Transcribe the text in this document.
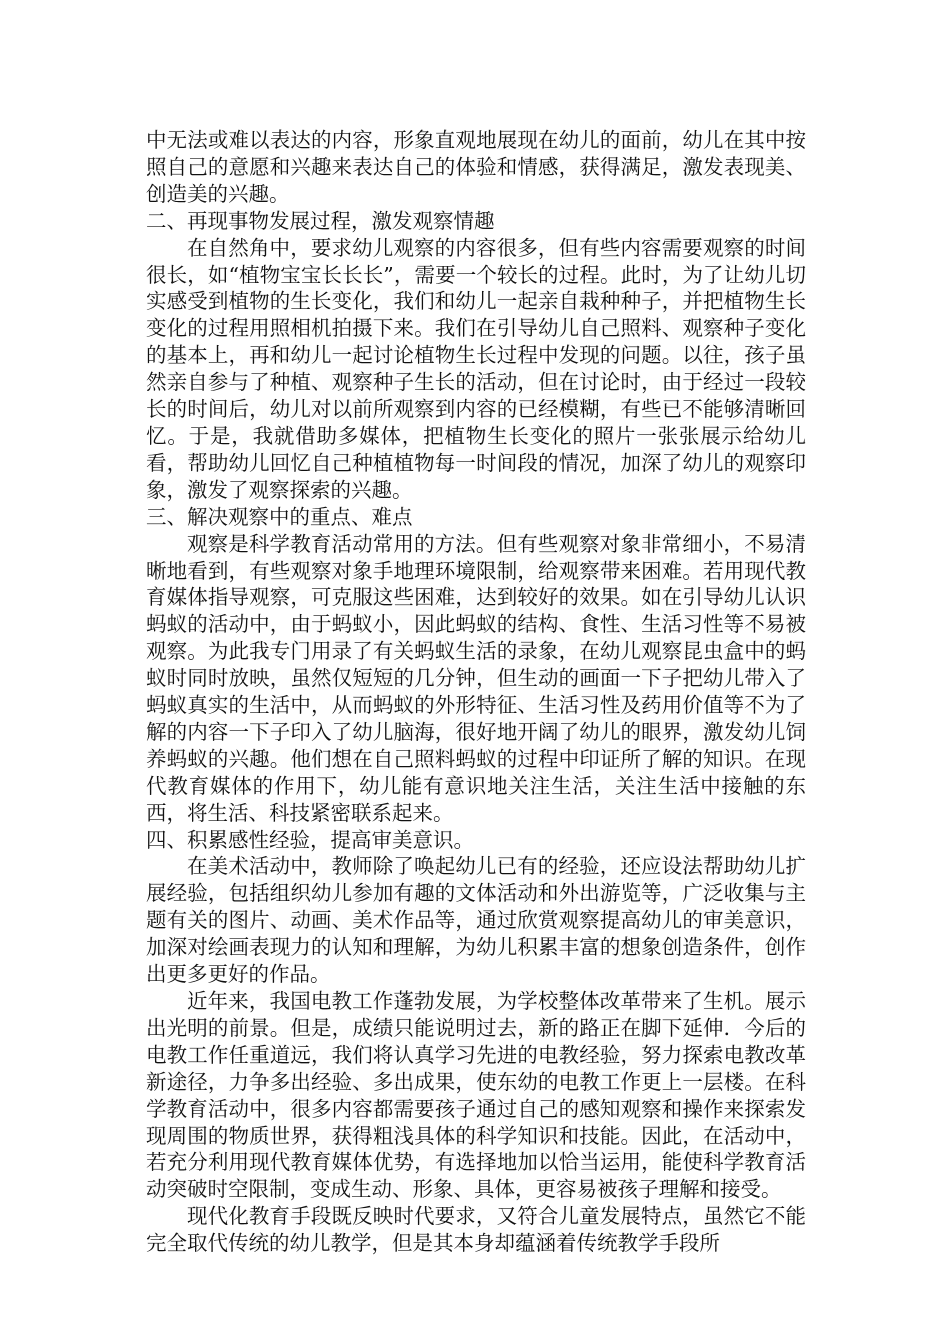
中无法或难以表达的内容，形象直观地展现在幼儿的面前，幼儿在其中按照自己的意愿和兴趣来表达自己的体验和情感，获得满足，激发表现美、创造美的兴趣。

二、再现事物发展过程，激发观察情趣

在自然角中，要求幼儿观察的内容很多，但有些内容需要观察的时间很长，如“植物宝宝长长长”，需要一个较长的过程。此时，为了让幼儿切实感受到植物的生长变化，我们和幼儿一起亲自栽种种子，并把植物生长变化的过程用照相机拍摄下来。我们在引导幼儿自己照料、观察种子变化的基本上，再和幼儿一起讨论植物生长过程中发现的问题。以往，孩子虽然亲自参与了种植、观察种子生长的活动，但在讨论时，由于经过一段较长的时间后，幼儿对以前所观察到内容的已经模糊，有些已不能够清晰回忆。于是，我就借助多媒体，把植物生长变化的照片一张张展示给幼儿看，帮助幼儿回忆自己种植植物每一时间段的情况，加深了幼儿的观察印象，激发了观察探索的兴趣。

三、解决观察中的重点、难点

观察是科学教育活动常用的方法。但有些观察对象非常细小，不易清晰地看到，有些观察对象手地理环境限制，给观察带来困难。若用现代教育媒体指导观察，可克服这些困难，达到较好的效果。如在引导幼儿认识蚂蚁的活动中，由于蚂蚁小，因此蚂蚁的结构、食性、生活习性等不易被观察。为此我专门用录了有关蚂蚁生活的录象，在幼儿观察昆虫盒中的蚂蚁时同时放映，虽然仅短短的几分钟，但生动的画面一下子把幼儿带入了蚂蚁真实的生活中，从而蚂蚁的外形特征、生活习性及药用价值等不为了解的内容一下子印入了幼儿脑海，很好地开阔了幼儿的眼界，激发幼儿饲养蚂蚁的兴趣。他们想在自己照料蚂蚁的过程中印证所了解的知识。在现代教育媒体的作用下，幼儿能有意识地关注生活，关注生活中接触的东西，将生活、科技紧密联系起来。

四、积累感性经验，提高审美意识。

在美术活动中，教师除了唤起幼儿已有的经验，还应设法帮助幼儿扩展经验，包括组织幼儿参加有趣的文体活动和外出游览等，广泛收集与主题有关的图片、动画、美术作品等，通过欣赏观察提高幼儿的审美意识，加深对绘画表现力的认知和理解，为幼儿积累丰富的想象创造条件，创作出更多更好的作品。

近年来，我国电教工作蓬勃发展，为学校整体改革带来了生机。展示出光明的前景。但是，成绩只能说明过去，新的路正在脚下延伸．今后的电教工作任重道远，我们将认真学习先进的电教经验，努力探索电教改革新途径，力争多出经验、多出成果，使东幼的电教工作更上一层楼。在科学教育活动中，很多内容都需要孩子通过自己的感知观察和操作来探索发现周围的物质世界，获得粗浅具体的科学知识和技能。因此，在活动中，若充分利用现代教育媒体优势，有选择地加以恰当运用，能使科学教育活动突破时空限制，变成生动、形象、具体，更容易被孩子理解和接受。

现代化教育手段既反映时代要求，又符合儿童发展特点，虽然它不能完全取代传统的幼儿教学，但是其本身却蕴涵着传统教学手段所
